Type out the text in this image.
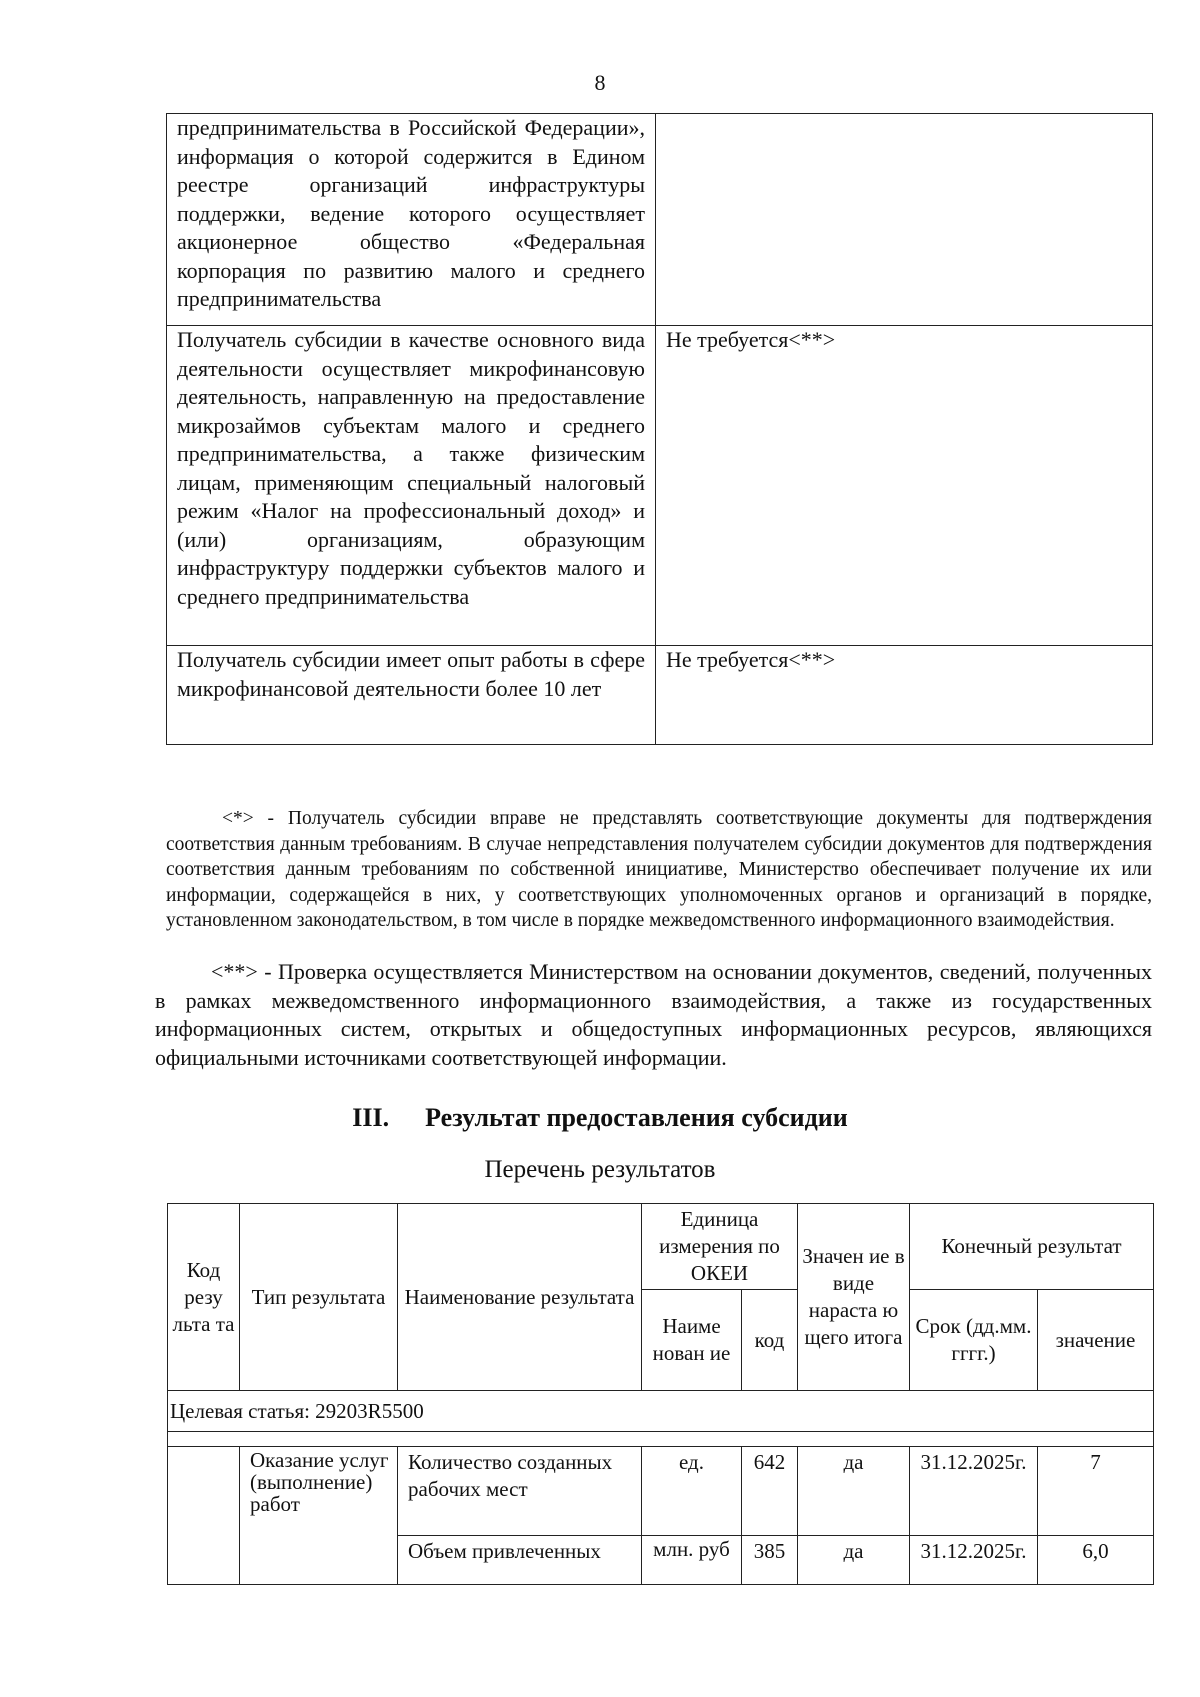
8
предпринимательства в Российской Федерации», информация о которой содержится в Едином реестре организаций инфраструктуры поддержки, ведение которого осуществляет акционерное общество «Федеральная корпорация по развитию малого и среднего предпринимательства	
Получатель субсидии в качестве основного вида деятельности осуществляет микрофинансовую деятельность, направленную на предоставление микрозаймов субъектам малого и среднего предпринимательства, а также физическим лицам, применяющим специальный налоговый режим «Налог на профессиональный доход» и (или) организациям, образующим инфраструктуру поддержки субъектов малого и среднего предпринимательства	Не требуется<**>
Получатель субсидии имеет опыт работы в сфере микрофинансовой деятельности более 10 лет	Не требуется<**>

<*> - Получатель субсидии вправе не представлять соответствующие документы для подтверждения соответствия данным требованиям. В случае непредставления получателем субсидии документов для подтверждения соответствия данным требованиям по собственной инициативе, Министерство обеспечивает получение их или информации, содержащейся в них, у соответствующих уполномоченных органов и организаций в порядке, установленном законодательством, в том числе в порядке межведомственного информационного взаимодействия.

<**> - Проверка осуществляется Министерством на основании документов, сведений, полученных в рамках межведомственного информационного взаимодействия, а также из государственных информационных систем, открытых и общедоступных информационных ресурсов, являющихся официальными источниками соответствующей информации.

III. Результат предоставления субсидии
Перечень результатов
Код резу льта та	Тип результата	Наименование результата	Единица измерения по ОКЕИ		Значен ие в виде нараста ю щего итога	Конечный результат	
			Наиме нован ие	код		Срок (дд.мм. гггг.)	значение
Целевая статья: 29203R5500							

	Оказание услуг (выполнение) работ	Количество созданных рабочих мест	ед.	642	да	31.12.2025г.	7
		Объем привлеченных	млн. руб	385	да	31.12.2025г.	6,0
